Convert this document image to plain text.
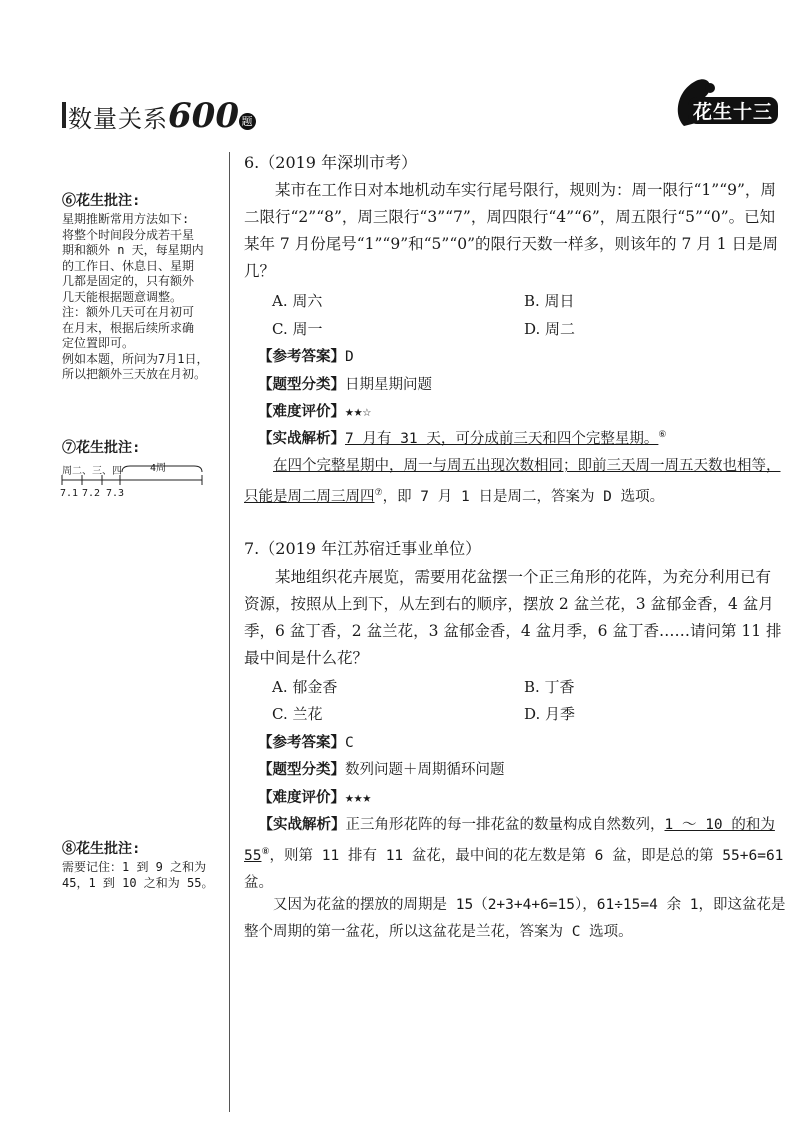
数量关系600 题	花生十三
⑥花生批注:
星期推断常用方法如下:
将整个时间段分成若干星
期和额外 n 天，每星期内
的工作日、休息日、星期
几都是固定的，只有额外
几天能根据题意调整。
注：额外几天可在月初可
在月末，根据后续所求确
定位置即可。
例如本题，所问为7月1日，
所以把额外三天放在月初。
⑦花生批注:
周二、三、四	4周
7.1 7.2 7.3
⑧花生批注:
需要记住：1 到 9 之和为
45，1 到 10 之和为 55。
6.（2019 年深圳市考）
某市在工作日对本地机动车实行尾号限行，规则为：周一限行“1”“9”，周二限行“2”“8”，周三限行“3”“7”，周四限行“4”“6”，周五限行“5”“0”。已知某年 7 月份尾号“1”“9”和“5”“0”的限行天数一样多，则该年的 7 月 1 日是周几？
A. 周六	B. 周日
C. 周一	D. 周二
【参考答案】D
【题型分类】日期星期问题
【难度评价】★★☆
【实战解析】7 月有 31 天，可分成前三天和四个完整星期。⑥
在四个完整星期中，周一与周五出现次数相同；即前三天周一周五天数也相等，只能是周二周三周四⑦，即 7 月 1 日是周二，答案为 D 选项。
7.（2019 年江苏宿迁事业单位）
某地组织花卉展览，需要用花盆摆一个正三角形的花阵，为充分利用已有资源，按照从上到下，从左到右的顺序，摆放 2 盆兰花，3 盆郁金香，4 盆月季，6 盆丁香，2 盆兰花，3 盆郁金香，4 盆月季，6 盆丁香……请问第 11 排最中间是什么花？
A. 郁金香	B. 丁香
C. 兰花	D. 月季
【参考答案】C
【题型分类】数列问题＋周期循环问题
【难度评价】★★★
【实战解析】正三角形花阵的每一排花盆的数量构成自然数列，1 ～ 10 的和为 55⑧，则第 11 排有 11 盆花，最中间的花左数是第 6 盆，即是总的第 55+6=61 盆。
又因为花盆的摆放的周期是 15（2+3+4+6=15），61÷15=4 余 1，即这盆花是整个周期的第一盆花，所以这盆花是兰花，答案为 C 选项。
